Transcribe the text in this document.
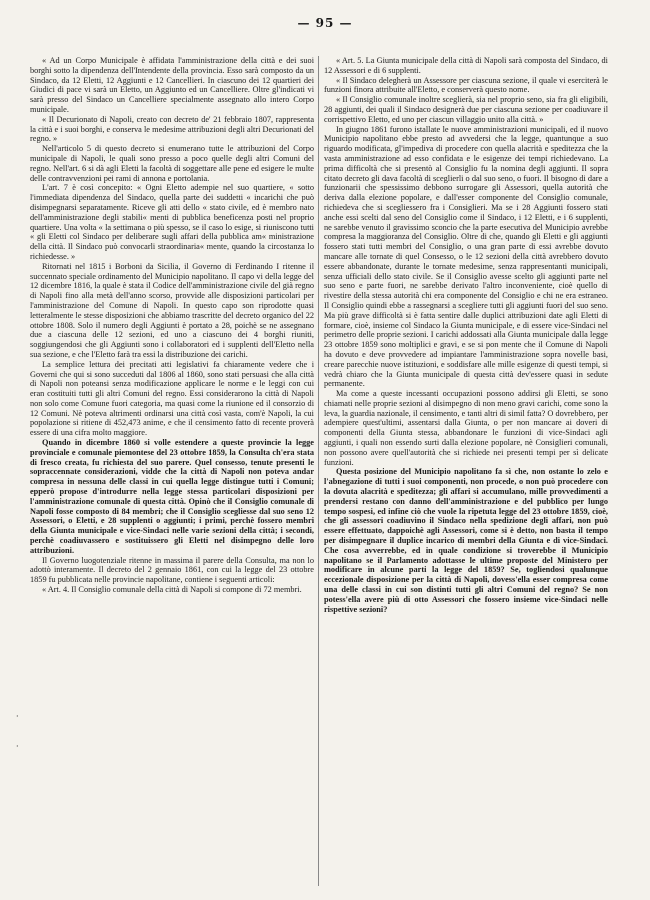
— 95 —

« Ad un Corpo Municipale è affidata l'amministrazione della città e dei suoi borghi sotto la dipendenza dell'Intendente della provincia. Esso sarà composto da un Sindaco, da 12 Eletti, 12 Aggiunti e 12 Cancellieri. In ciascuno dei 12 quartieri dei Giudici di pace vi sarà un Eletto, un Aggiunto ed un Cancelliere. Oltre gl'indicati vi sarà presso del Sindaco un Cancelliere specialmente assegnato allo intero Corpo municipale.

« Il Decurionato di Napoli, creato con decreto de' 21 febbraio 1807, rappresenta la città e i suoi borghi, e conserva le medesime attribuzioni degli altri Decurionati del regno. »

Nell'articolo 5 di questo decreto si enumerano tutte le attribuzioni del Corpo municipale di Napoli, le quali sono presso a poco quelle degli altri Comuni del regno. Nell'art. 6 si dà agli Eletti la facoltà di soggettare alle pene ed esigere le multe delle contravvenzioni pei rami di annona e portolania.

L'art. 7 è così concepito: « Ogni Eletto adempie nel suo quartiere, « sotto l'immediata dipendenza del Sindaco, quella parte dei suddetti « incarichi che può disimpegnarsi separatamente. Riceve gli atti dello « stato civile, ed è membro nato dell'amministrazione degli stabili« menti di pubblica beneficenza posti nel proprio quartiere. Una volta « la settimana o più spesso, se il caso lo esige, si riuniscono tutti « gli Eletti col Sindaco per deliberare sugli affari della pubblica am« ministrazione della città. Il Sindaco può convocarli straordinaria« mente, quando la circostanza lo richiedesse. »

Ritornati nel 1815 i Borboni da Sicilia, il Governo di Ferdinando I ritenne il succennato speciale ordinamento del Municipio napolitano. Il capo vi della legge del 12 dicembre 1816, la quale è stata il Codice dell'amministrazione civile del già regno di Napoli fino alla metà dell'anno scorso, provvide alle disposizioni particolari per l'amministrazione del Comune di Napoli. In questo capo son riprodotte quasi letteralmente le stesse disposizioni che abbiamo trascritte del decreto organico del 22 ottobre 1808. Solo il numero degli Aggiunti è portato a 28, poichè se ne assegnano due a ciascuna delle 12 sezioni, ed uno a ciascuno dei 4 borghi riuniti, soggiungendosi che gli Aggiunti sono i collaboratori ed i supplenti dell'Eletto nella sua sezione, e che l'Eletto farà tra essi la distribuzione dei carichi.

La semplice lettura dei precitati atti legislativi fa chiaramente vedere che i Governi che qui si sono succeduti dal 1806 al 1860, sono stati persuasi che alla città di Napoli non poteansi senza modificazione applicare le norme e le leggi con cui eran costituiti tutti gli altri Comuni del regno. Essi considerarono la città di Napoli non solo come Comune fuori categoria, ma quasi come la riunione ed il consorzio di 12 Comuni. Nè poteva altrimenti ordinarsi una città così vasta, com'è Napoli, la cui popolazione si ritiene di 452,473 anime, e che il censimento fatto di recente proverà essere di una cifra molto maggiore.

Quando in dicembre 1860 si volle estendere a queste provincie la legge provinciale e comunale piemontese del 23 ottobre 1859, la Consulta ch'era stata di fresco creata, fu richiesta del suo parere. Quel consesso, tenute presenti le sopraccennate considerazioni, vidde che la città di Napoli non poteva andar compresa in nessuna delle classi in cui quella legge distingue tutti i Comuni; epperò propose d'introdurre nella legge stessa particolari disposizioni per l'amministrazione comunale di questa città. Opinò che il Consiglio comunale di Napoli fosse composto di 84 membri; che il Consiglio scegliesse dal suo seno 12 Assessori, o Eletti, e 28 supplenti o aggiunti; i primi, perchè fossero membri della Giunta municipale e vice-Sindaci nelle varie sezioni della città; i secondi, perchè coadiuvassero e sostituissero gli Eletti nel disimpegno delle loro attribuzioni.

Il Governo luogotenziale ritenne in massima il parere della Consulta, ma non lo adottò interamente. Il decreto del 2 gennaio 1861, con cui la legge del 23 ottobre 1859 fu pubblicata nelle provincie napolitane, contiene i seguenti articoli:

« Art. 4. Il Consiglio comunale della città di Napoli si compone di 72 membri.

« Art. 5. La Giunta municipale della città di Napoli sarà composta del Sindaco, di 12 Assessori e di 6 supplenti.

« Il Sindaco delegherà un Assessore per ciascuna sezione, il quale vi eserciterà le funzioni finora attribuite all'Eletto, e conserverà questo nome.

« Il Consiglio comunale inoltre sceglierà, sia nel proprio seno, sia fra gli eligibili, 28 aggiunti, dei quali il Sindaco designerà due per ciascuna sezione per coadiuvare il corrispettivo Eletto, ed uno per ciascun villaggio unito alla città. »

In giugno 1861 furono istallate le nuove amministrazioni municipali, ed il nuovo Municipio napolitano ebbe presto ad avvedersi che la legge, quantunque a suo riguardo modificata, gl'impediva di procedere con quella alacrità e speditezza che la vasta amministrazione ad esso confidata e le esigenze dei tempi richiedevano. La prima difficoltà che si presentò al Consiglio fu la nomina degli aggiunti. Il sopra citato decreto gli dava facoltà di sceglierli o dal suo seno, o fuori. Il bisogno di dare a funzionarii che spessissimo debbono surrogare gli Assessori, quella autorità che deriva dalla elezione popolare, e dall'esser componente del Consiglio comunale, richiedeva che si scegliessero fra i Consiglieri. Ma se i 28 Aggiunti fossero stati anche essi scelti dal seno del Consiglio come il Sindaco, i 12 Eletti, e i 6 supplenti, ne sarebbe venuto il gravissimo sconcio che la parte esecutiva del Municipio avrebbe compresa la maggioranza del Consiglio. Oltre di che, quando gli Eletti e gli aggiunti fossero stati tutti membri del Consiglio, o una gran parte di essi avrebbe dovuto mancare alle tornate di quel Consesso, o le 12 sezioni della città avrebbero dovuto essere abbandonate, durante le tornate medesime, senza rappresentanti municipali, senza ufficiali dello stato civile. Se il Consiglio avesse scelto gli aggiunti parte nel suo seno e parte fuori, ne sarebbe derivato l'altro inconveniente, cioè quello di rivestire della stessa autorità chi era componente del Consiglio e chi ne era estraneo. Il Consiglio quindi ebbe a rassegnarsi a scegliere tutti gli aggiunti fuori del suo seno. Ma più grave difficoltà si è fatta sentire dalle duplici attribuzioni date agli Eletti di formare, cioè, insieme col Sindaco la Giunta municipale, e di essere vice-Sindaci nel perimetro delle proprie sezioni. I carichi addossati alla Giunta municipale dalla legge 23 ottobre 1859 sono moltiplici e gravi, e se si pon mente che il Comune di Napoli ha dovuto e deve provvedere ad impiantare l'amministrazione sopra novelle basi, creare parecchie nuove istituzioni, e soddisfare alle mille esigenze di questi tempi, si vedrà chiaro che la Giunta municipale di questa città dev'essere quasi in sedute permanente.

Ma come a queste incessanti occupazioni possono addirsi gli Eletti, se sono chiamati nelle proprie sezioni al disimpegno di non meno gravi carichi, come sono la leva, la guardia nazionale, il censimento, e tanti altri di simil fatta? O dovrebbero, per adempiere quest'ultimi, assentarsi dalla Giunta, o per non mancare ai doveri di componenti della Giunta stessa, abbandonare le funzioni di vice-Sindaci agli aggiunti, i quali non essendo surti dalla elezione popolare, nè Consiglieri comunali, non possono avere quell'autorità che si richiede nei presenti tempi per sì delicate funzioni.

Questa posizione del Municipio napolitano fa sì che, non ostante lo zelo e l'abnegazione di tutti i suoi componenti, non procede, o non può procedere con la dovuta alacrità e speditezza; gli affari si accumulano, mille provvedimenti a prendersi restano con danno dell'amministrazione e del pubblico per lungo tempo sospesi, ed infine ciò che vuole la ripetuta legge del 23 ottobre 1859, cioè, che gli assessori coadiuvino il Sindaco nella spedizione degli affari, non può essere effettuato, dappoichè agli Assessori, come si è detto, non basta il tempo per disimpegnare il duplice incarico di membri della Giunta e di vice-Sindaci. Che cosa avverrebbe, ed in quale condizione si troverebbe il Municipio napolitano se il Parlamento adottasse le ultime proposte del Ministero per modificare in alcune parti la legge del 1859? Se, togliendosi qualunque eccezionale disposizione per la città di Napoli, dovess'ella esser compresa come una delle classi in cui son distinti tutti gli altri Comuni del regno? Se non potess'ella avere più di otto Assessori che fossero insieme vice-Sindaci nelle rispettive sezioni?

·
·
